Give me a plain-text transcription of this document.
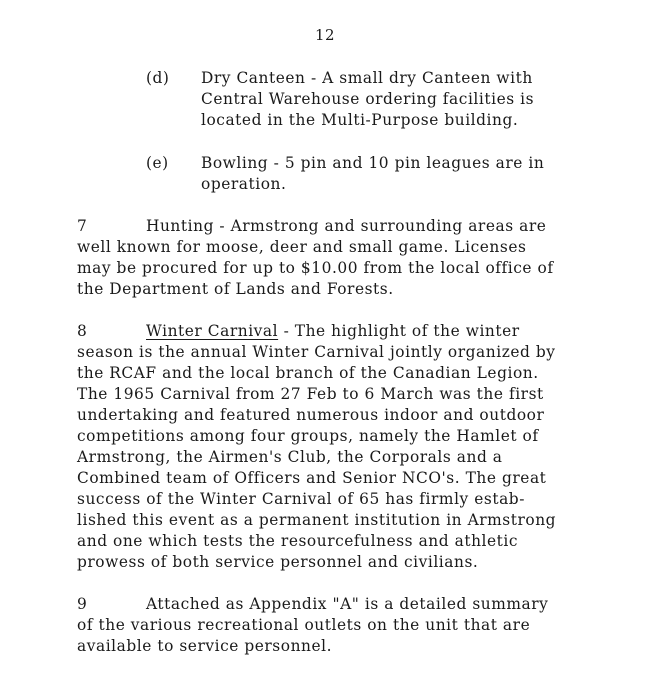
12
(d) Dry Canteen - A small dry Canteen with
Central Warehouse ordering facilities is
located in the Multi-Purpose building.
(e) Bowling - 5 pin and 10 pin leagues are in
operation.
7	Hunting - Armstrong and surrounding areas are
well known for moose, deer and small game. Licenses
may be procured for up to $10.00 from the local office of
the Department of Lands and Forests.
8	Winter Carnival - The highlight of the winter
season is the annual Winter Carnival jointly organized by
the RCAF and the local branch of the Canadian Legion.
The 1965 Carnival from 27 Feb to 6 March was the first
undertaking and featured numerous indoor and outdoor
competitions among four groups, namely the Hamlet of
Armstrong, the Airmen's Club, the Corporals and a
Combined team of Officers and Senior NCO's. The great
success of the Winter Carnival of 65 has firmly estab-
lished this event as a permanent institution in Armstrong
and one which tests the resourcefulness and athletic
prowess of both service personnel and civilians.
9	Attached as Appendix "A" is a detailed summary
of the various recreational outlets on the unit that are
available to service personnel.
